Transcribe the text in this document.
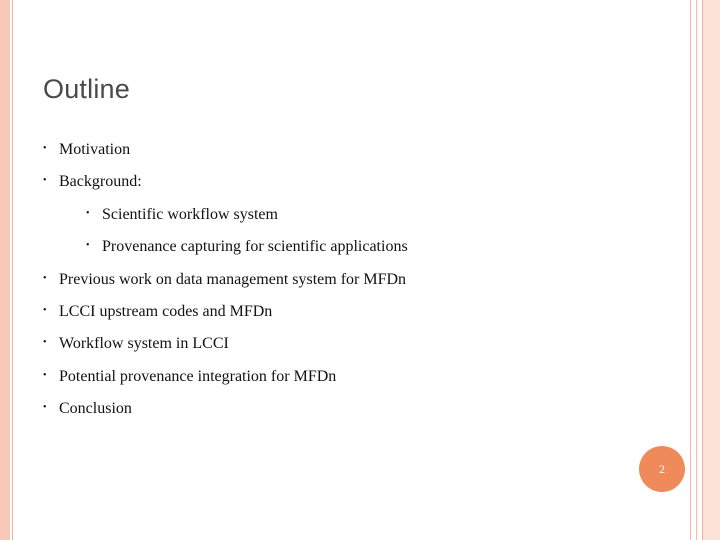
Outline
• Motivation
• Background:
• Scientific workflow system
• Provenance capturing for scientific applications
• Previous work on data management system for MFDn
• LCCI upstream codes and MFDn
• Workflow system in LCCI
• Potential provenance integration for MFDn
• Conclusion
2
